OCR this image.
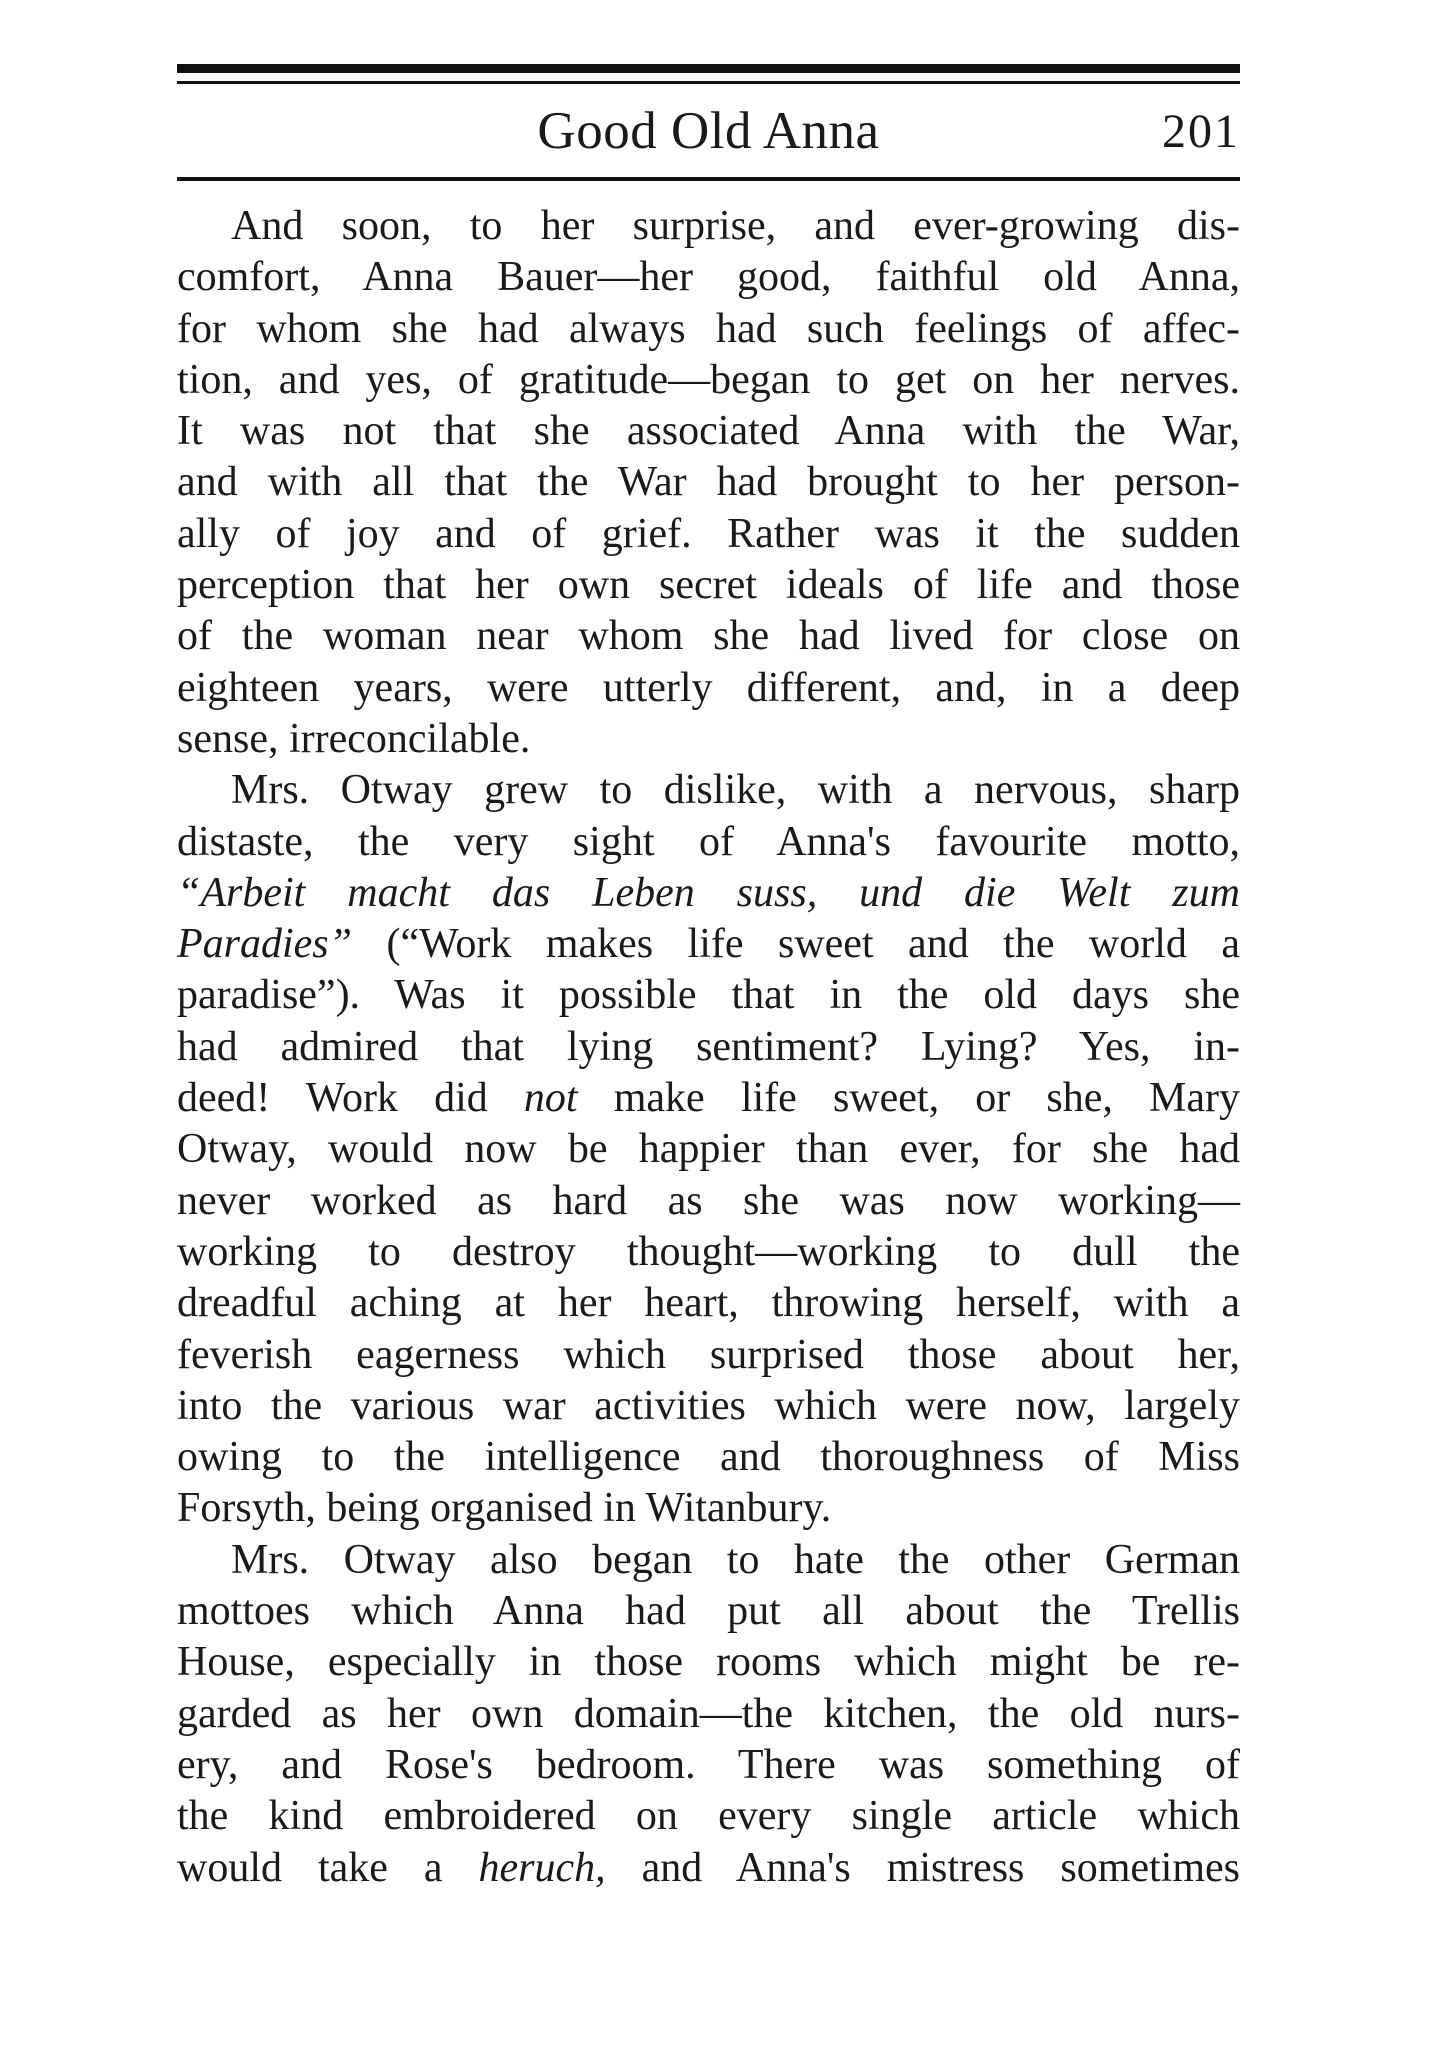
Good Old Anna	201
And soon, to her surprise, and ever-growing dis-
comfort, Anna Bauer—her good, faithful old Anna,
for whom she had always had such feelings of affec-
tion, and yes, of gratitude—began to get on her nerves.
It was not that she associated Anna with the War,
and with all that the War had brought to her person-
ally of joy and of grief. Rather was it the sudden
perception that her own secret ideals of life and those
of the woman near whom she had lived for close on
eighteen years, were utterly different, and, in a deep
sense, irreconcilable.
Mrs. Otway grew to dislike, with a nervous, sharp
distaste, the very sight of Anna's favourite motto,
“Arbeit macht das Leben suss, und die Welt zum
Paradies” (“Work makes life sweet and the world a
paradise”). Was it possible that in the old days she
had admired that lying sentiment? Lying? Yes, in-
deed! Work did not make life sweet, or she, Mary
Otway, would now be happier than ever, for she had
never worked as hard as she was now working—
working to destroy thought—working to dull the
dreadful aching at her heart, throwing herself, with a
feverish eagerness which surprised those about her,
into the various war activities which were now, largely
owing to the intelligence and thoroughness of Miss
Forsyth, being organised in Witanbury.
Mrs. Otway also began to hate the other German
mottoes which Anna had put all about the Trellis
House, especially in those rooms which might be re-
garded as her own domain—the kitchen, the old nurs-
ery, and Rose's bedroom. There was something of
the kind embroidered on every single article which
would take a heruch, and Anna's mistress sometimes
